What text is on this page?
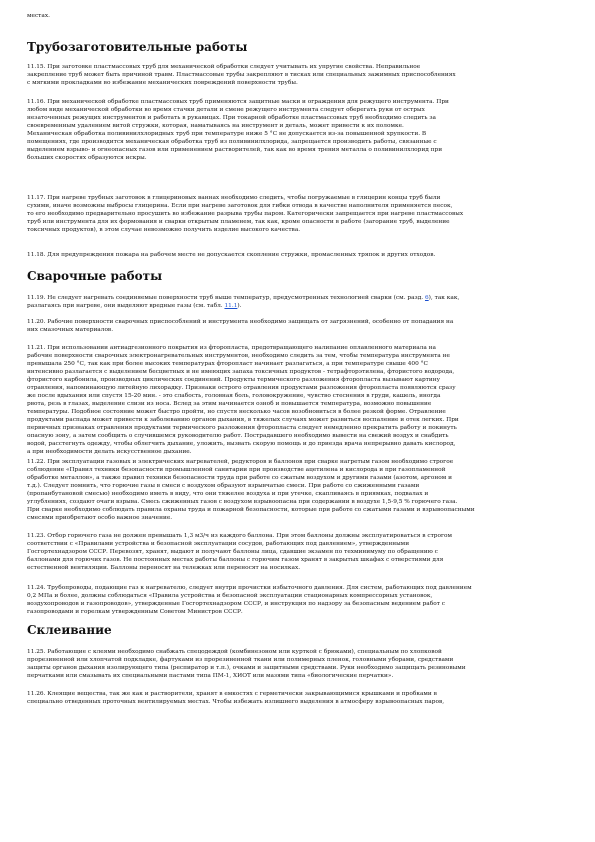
местах.
Трубозаготовительные работы

11.15. При заготовке пластмассовых труб для механической обработки следует учитывать их упругие свойства. Неправильное
закрепление труб может быть причиной травм. Пластмассовые трубы закрепляют в тисках или специальных зажимных приспособлениях
с мягкими прокладками во избежание механических повреждений поверхности трубы.

11.16. При механической обработке пластмассовых труб применяются защитные маски и ограждения для режущего инструмента. При
любом виде механической обработки во время стачки детали и смене режущего инструмента следует оберегать руки от острых
незаточенных режущих инструментов и работать в рукавицах. При токарной обработке пластмассовых труб необходимо следить за
своевременным удалением витой стружки, которая, наматываясь на инструмент и деталь, может привести к их поломке.
Механическая обработка поливинилхлоридных труб при температуре ниже 5 °С не допускается из-за повышенной хрупкости. В
помещениях, где производится механическая обработка труб из поливинилхлорида, запрещается производить работы, связанные с
выделением взрыво- и огнеопасных газов или применением растворителей, так как во время трения металла о поливинилхлорид при
больших скоростях образуются искры.

11.17. При нагреве трубных заготовок в глицериновых ваннах необходимо следить, чтобы погружаемые в глицерин концы труб были
сухими, иначе возможны выбросы глицерина. Если при нагреве заготовок для гибки отвода в качестве наполнителя применяется песок,
то его необходимо предварительно просушить во избежание разрыва трубы паром. Категорически запрещается при нагреве пластмассовых
труб или инструмента для их формования и сварки открытым пламенем, так как, кроме опасности в работе (загорание труб, выделение
токсичных продуктов), в этом случае невозможно получить изделие высокого качества.

11.18. Для предупреждения пожара на рабочем месте не допускается скопление стружки, промасленных тряпок и других отходов.

Сварочные работы

11.19. Не следует нагревать соединяемые поверхности труб выше температур, предусмотренных технологией сварки (см. разд. 6), так как,
разлагаясь при нагреве, они выделяют вредные газы (см. табл. 11.1).

11.20. Рабочие поверхности сварочных приспособлений и инструмента необходимо защищать от загрязнений, особенно от попадания на
них смазочных материалов.

11.21. При использовании антиадгезионного покрытия из фторопласта, предотвращающего налипание оплавленного материала на
рабочие поверхности сварочных электронагревательных инструментов, необходимо следить за тем, чтобы температура инструмента не
превышала 250 °С, так как при более высоких температурах фторопласт начинает разлагаться, а при температуре свыше 400 °С
интенсивно разлагается с выделением бесцветных и не имеющих запаха токсичных продуктов - тетрафторэтилена, фтористого водорода,
фтористого карбонила, производных циклических соединений. Продукты термического разложения фторопласта вызывают картину
отравления, напоминающую литейную лихорадку. Признаки острого отравления продуктами разложения фторопласта появляются сразу
же после вдыхания или спустя 15-20 мин. - это слабость, головная боль, головокружение, чувство стеснения в груди, кашель, иногда
рвота, резь в глазах, выделение слизи из носа. Вслед за этим начинается озноб и повышается температура, возможно повышение
температуры. Подобное состояние может быстро пройти, но спустя несколько часов возобновиться в более резкой форме. Отравление
продуктами распада может привести к заболеванию органов дыхания, в тяжелых случаях может развиться воспаление и отек легких. При
первичных признаках отравления продуктами термического разложения фторопласта следует немедленно прекратить работу и покинуть
опасную зону, а затем сообщить о случившемся руководителю работ. Пострадавшего необходимо вывести на свежий воздух и снабдить
водой, расстегнуть одежду, чтобы облегчить дыхание, уложить, вызвать скорую помощь и до приезда врача непрерывно давать кислород,
а при необходимости делать искусственное дыхание.

11.22. При эксплуатации газовых и электрических нагревателей, редукторов и баллонов при сварке нагретым газом необходимо строгое
соблюдение «Правил техники безопасности промышленной санитарии при производстве ацетилена и кислорода и при газопламенной
обработке металлов», а также правил техники безопасности труда при работе со сжатым воздухом и другими газами (азотом, аргоном и
т.д.). Следует помнить, что горючие газы в смеси с воздухом образуют взрывчатые смеси. При работе со сжиженными газами
(пропанбутановой смесью) необходимо иметь в виду, что они тяжелее воздуха и при утечке, скапливаясь в приямках, подвалах и
углублениях, создают очаги взрыва. Смесь сжиженных газов с воздухом взрывоопасна при содержании в воздухе 1,5-9,5 % горючего газа.
При сварке необходимо соблюдать правила охраны труда и пожарной безопасности, которые при работе со сжатыми газами и взрывоопасными
смесями приобретают особо важное значение.

11.23. Отбор горючего газа не должен превышать 1,3 м3/ч из каждого баллона. При этом баллоны должны эксплуатироваться в строгом
соответствии с «Правилами устройства и безопасной эксплуатации сосудов, работающих под давлением», утвержденными
Госгортехнадзором СССР. Перевозят, хранят, выдают и получают баллоны лица, сдавшие экзамен по техминимуму по обращению с
баллонами для горючих газов. Не постоянных местах работы баллоны с горючим газом хранят в закрытых шкафах с отверстиями для
естественной вентиляции. Баллоны переносят на тележках или переносят на носилках.

11.24. Трубопроводы, подающие газ к нагревателю, следует внутри прочистки избыточного давления. Для систем, работающих под давлением
0,2 МПа и более, должны соблюдаться «Правила устройства и безопасной эксплуатации стационарных компрессорных установок,
воздухопроводов и газопроводов», утвержденные Госгортехнадзором СССР, и инструкция по надзору за безопасным ведением работ с
газопроводами и горелкам утвержденным Советом Министров СССР.

Склеивание

11.25. Работающие с клеями необходимо снабжать спецодеждой (комбинезоном или курткой с брюками), специальным по хлопковой
прорезиненной или хлопчатой подкладке, фартуками из прорезиненной ткани или полимерных пленок, головными уборами, средствами
защиты органов дыхания изолирующего типа (респиратор и т.п.), очками и защитными средствами. Руки необходимо защищать резиновыми
перчатками или смазывать их специальными пастами типа ПМ-1, ХИОТ или мазями типа «биологические перчатки».

11.26. Клеящие вещества, так же как и растворители, хранят в емкостях с герметически закрывающимися крышками и пробками в
специально отведенных проточных вентилируемых местах. Чтобы избежать излишнего выделения в атмосферу взрывоопасных паров,
